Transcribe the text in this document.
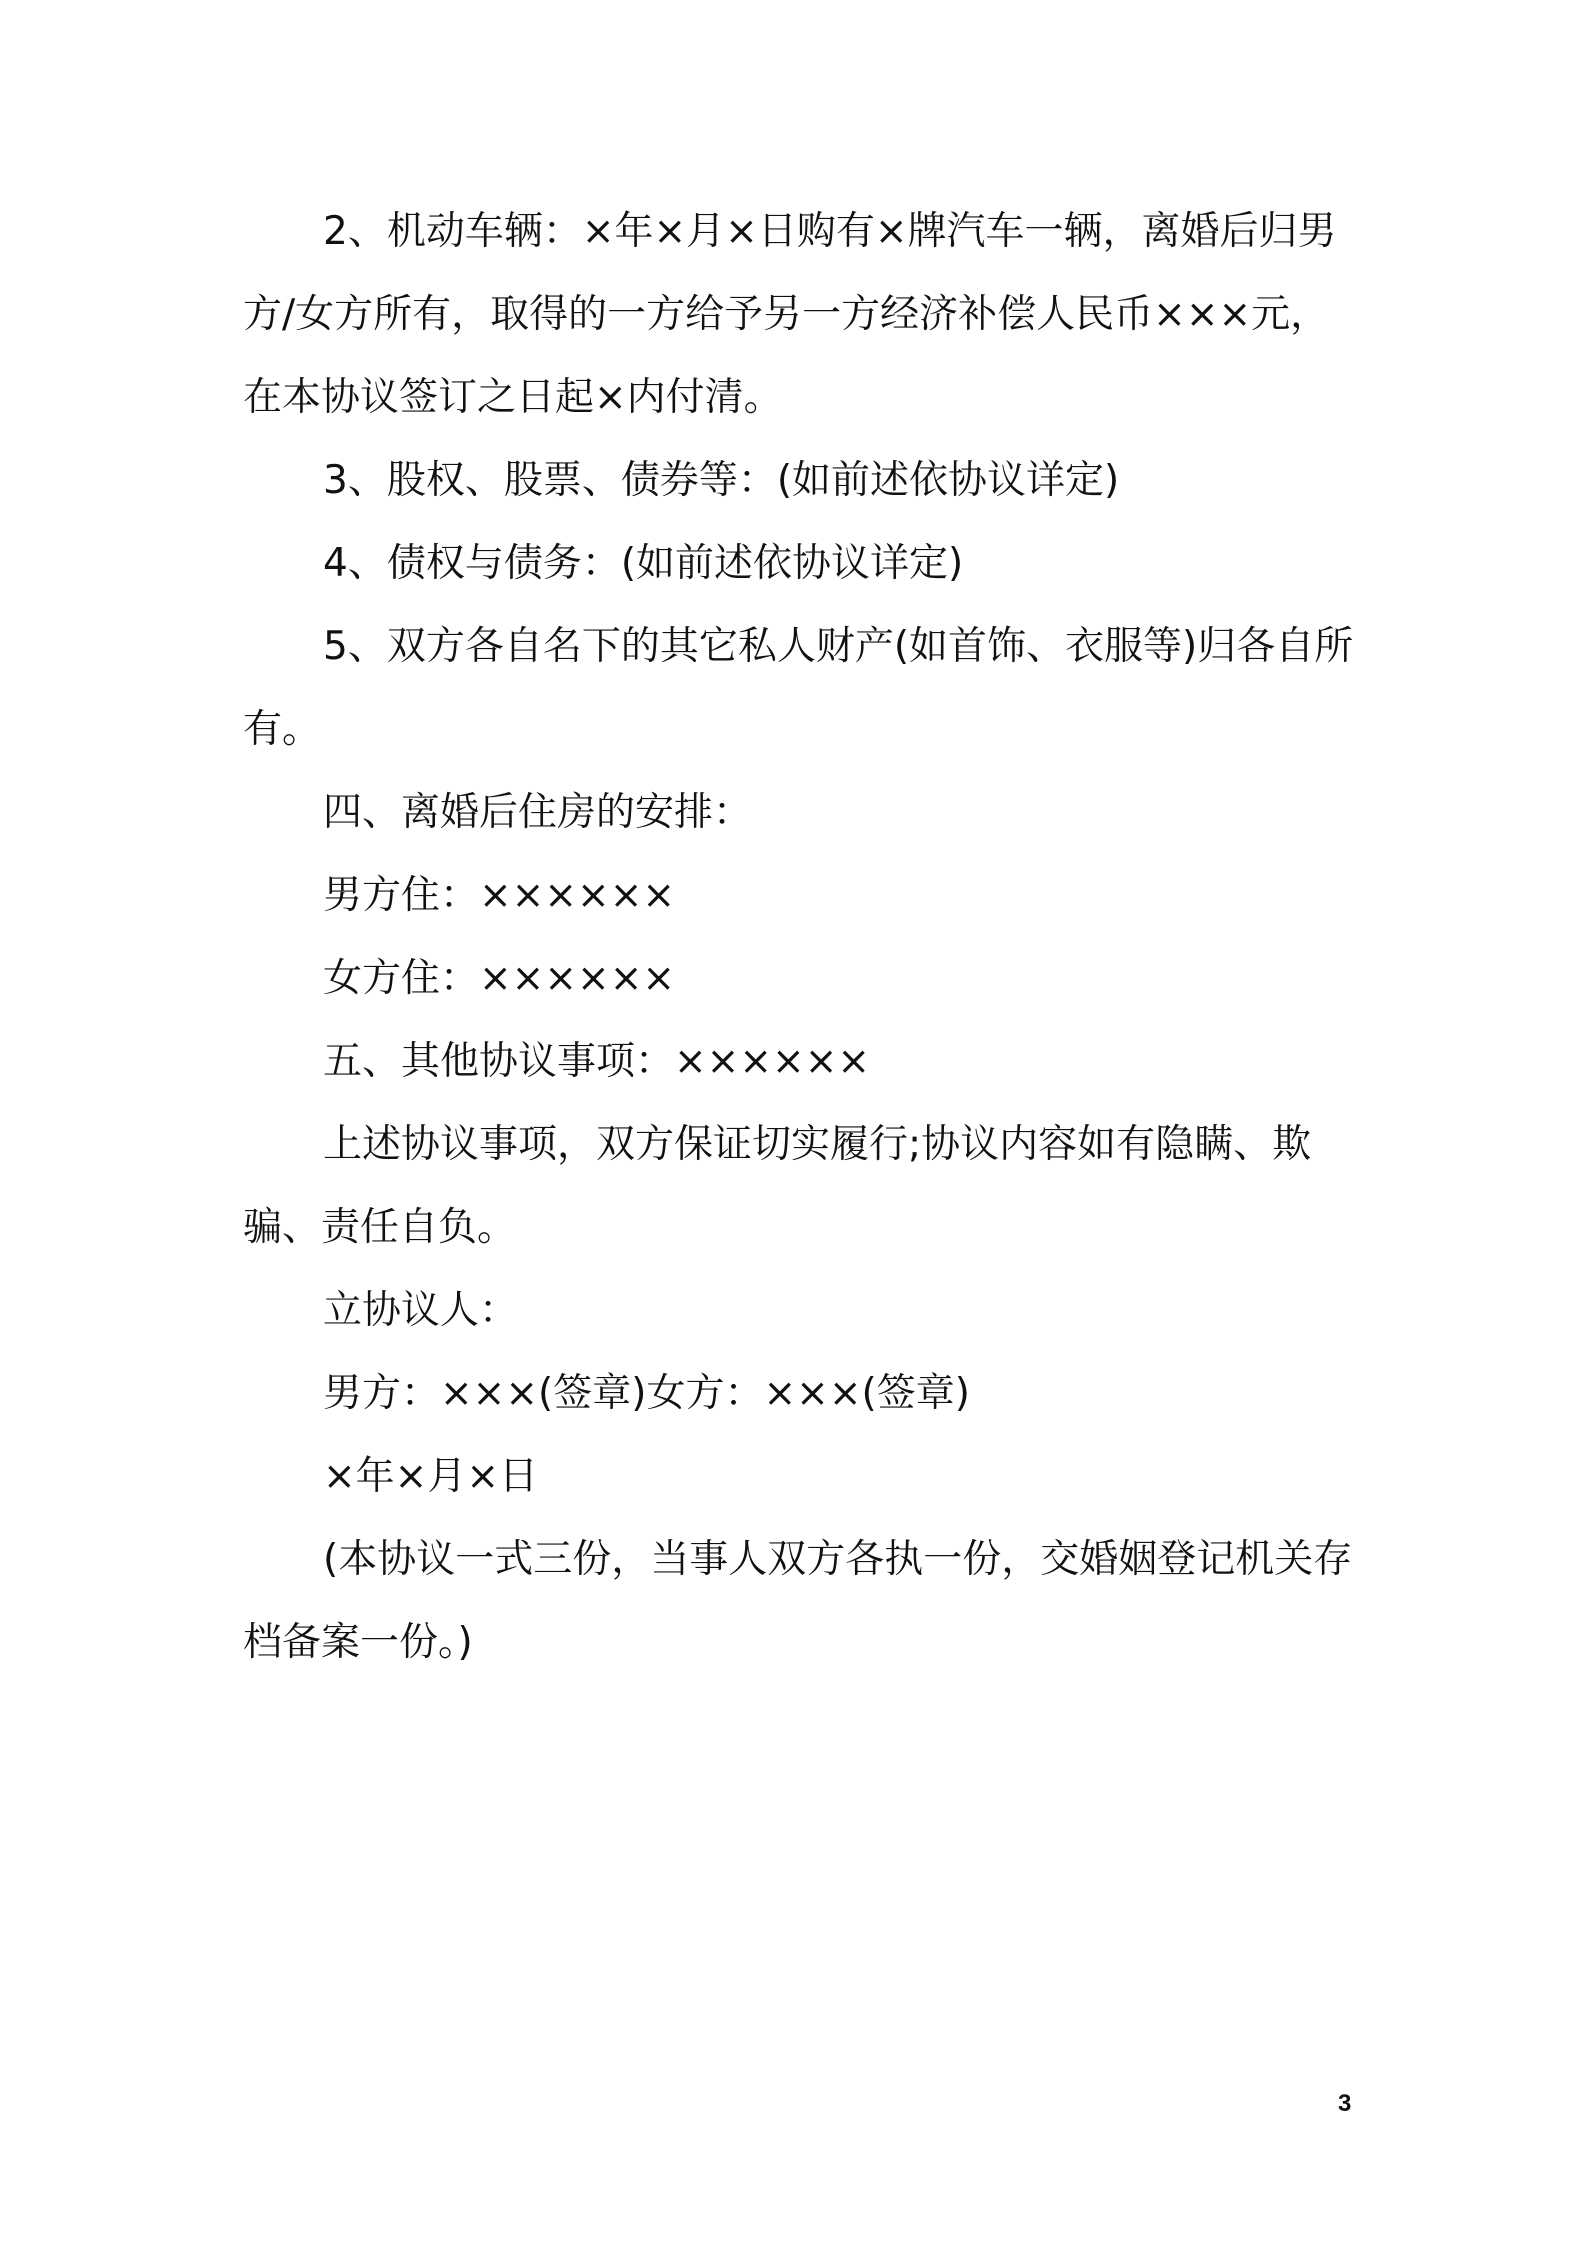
2、机动车辆：×年×月×日购有×牌汽车一辆，离婚后归男方/女方所有，取得的一方给予另一方经济补偿人民币×××元，在本协议签订之日起×内付清。

3、股权、股票、债券等：(如前述依协议详定)

4、债权与债务：(如前述依协议详定)

5、双方各自名下的其它私人财产(如首饰、衣服等)归各自所有。

四、离婚后住房的安排：

男方住：××××××

女方住：××××××

五、其他协议事项：××××××

上述协议事项，双方保证切实履行;协议内容如有隐瞒、欺骗、责任自负。

立协议人：

男方：×××(签章)女方：×××(签章)

×年×月×日

(本协议一式三份，当事人双方各执一份，交婚姻登记机关存档备案一份。)

3
